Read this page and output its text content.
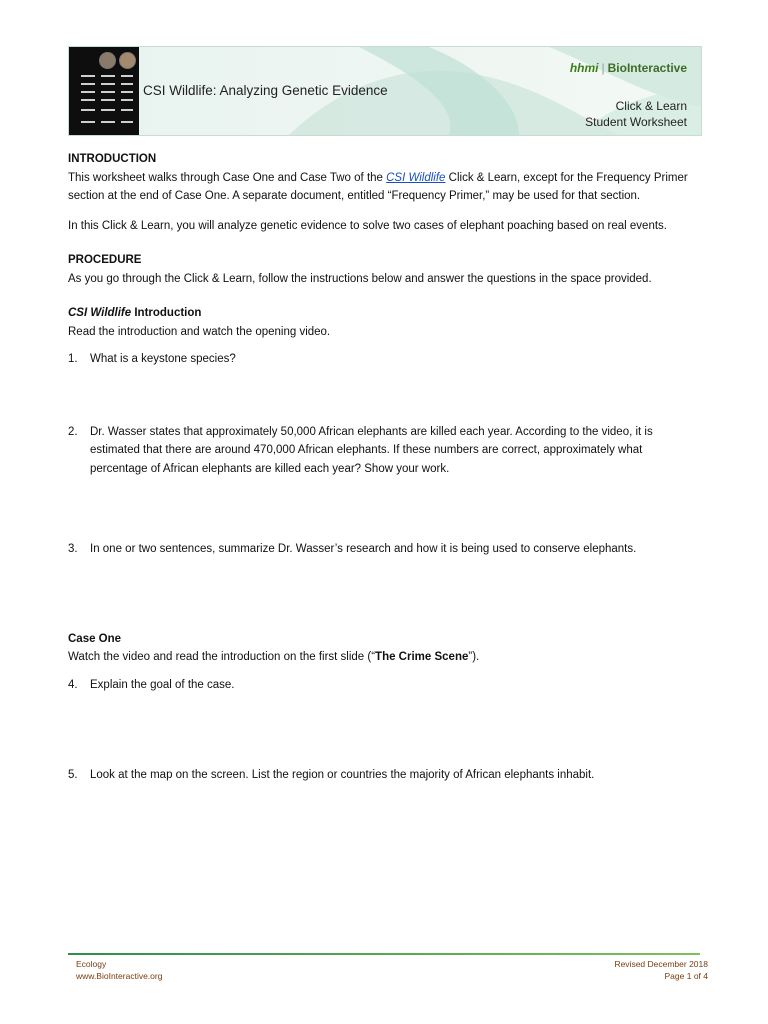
CSI Wildlife: Analyzing Genetic Evidence
hhmi | BioInteractive
Click & Learn
Student Worksheet

INTRODUCTION

This worksheet walks through Case One and Case Two of the CSI Wildlife Click & Learn, except for the Frequency Primer section at the end of Case One. A separate document, entitled “Frequency Primer,” may be used for that section.

In this Click & Learn, you will analyze genetic evidence to solve two cases of elephant poaching based on real events.

PROCEDURE

As you go through the Click & Learn, follow the instructions below and answer the questions in the space provided.

CSI Wildlife Introduction

Read the introduction and watch the opening video.

1.	What is a keystone species?
2.	Dr. Wasser states that approximately 50,000 African elephants are killed each year. According to the video, it is estimated that there are around 470,000 African elephants. If these numbers are correct, approximately what percentage of African elephants are killed each year? Show your work.
3.	In one or two sentences, summarize Dr. Wasser’s research and how it is being used to conserve elephants.

Case One

Watch the video and read the introduction on the first slide (“The Crime Scene”).

4.	Explain the goal of the case.
5.	Look at the map on the screen. List the region or countries the majority of African elephants inhabit.
Ecology
www.BioInteractive.org
Revised December 2018
Page 1 of 4
